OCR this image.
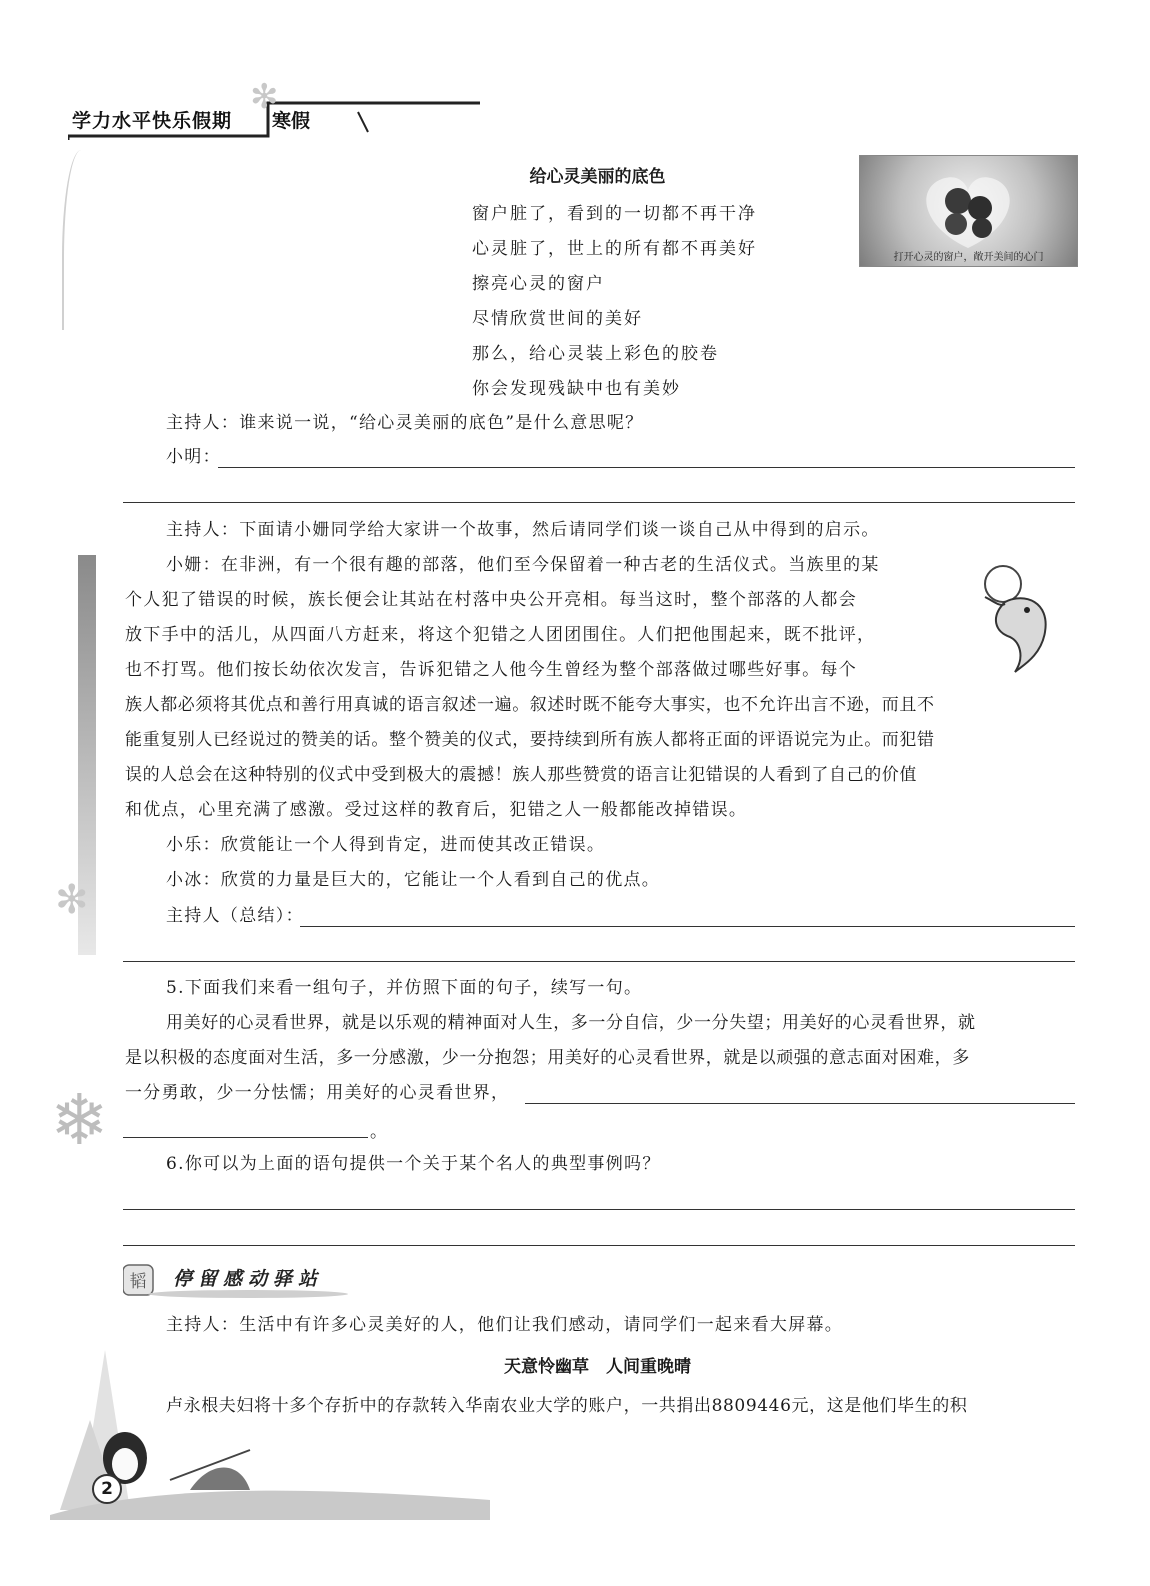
学力水平快乐假期 寒假
✻
给心灵美丽的底色
窗户脏了，看到的一切都不再干净
心灵脏了，世上的所有都不再美好
擦亮心灵的窗户
尽情欣赏世间的美好
那么，给心灵装上彩色的胶卷
你会发现残缺中也有美妙
打开心灵的窗户，敞开美间的心门
主持人：谁来说一说，“给心灵美丽的底色”是什么意思呢？
小明：
主持人：下面请小姗同学给大家讲一个故事，然后请同学们谈一谈自己从中得到的启示。
小姗：在非洲，有一个很有趣的部落，他们至今保留着一种古老的生活仪式。当族里的某
个人犯了错误的时候，族长便会让其站在村落中央公开亮相。每当这时，整个部落的人都会
放下手中的活儿，从四面八方赶来，将这个犯错之人团团围住。人们把他围起来，既不批评，
也不打骂。他们按长幼依次发言，告诉犯错之人他今生曾经为整个部落做过哪些好事。每个
族人都必须将其优点和善行用真诚的语言叙述一遍。叙述时既不能夸大事实，也不允许出言不逊，而且不
能重复别人已经说过的赞美的话。整个赞美的仪式，要持续到所有族人都将正面的评语说完为止。而犯错
误的人总会在这种特别的仪式中受到极大的震撼！族人那些赞赏的语言让犯错误的人看到了自己的价值
和优点，心里充满了感激。受过这样的教育后，犯错之人一般都能改掉错误。
小乐：欣赏能让一个人得到肯定，进而使其改正错误。
小冰：欣赏的力量是巨大的，它能让一个人看到自己的优点。
主持人（总结）：
✻
5.下面我们来看一组句子，并仿照下面的句子，续写一句。
用美好的心灵看世界，就是以乐观的精神面对人生，多一分自信，少一分失望；用美好的心灵看世界，就
是以积极的态度面对生活，多一分感激，少一分抱怨；用美好的心灵看世界，就是以顽强的意志面对困难，多
一分勇敢，少一分怯懦；用美好的心灵看世界，
。
❄
6.你可以为上面的语句提供一个关于某个名人的典型事例吗？
韬 停留感动驿站
主持人：生活中有许多心灵美好的人，他们让我们感动，请同学们一起来看大屏幕。
天意怜幽草　人间重晚晴
卢永根夫妇将十多个存折中的存款转入华南农业大学的账户，一共捐出8809446元，这是他们毕生的积
2
